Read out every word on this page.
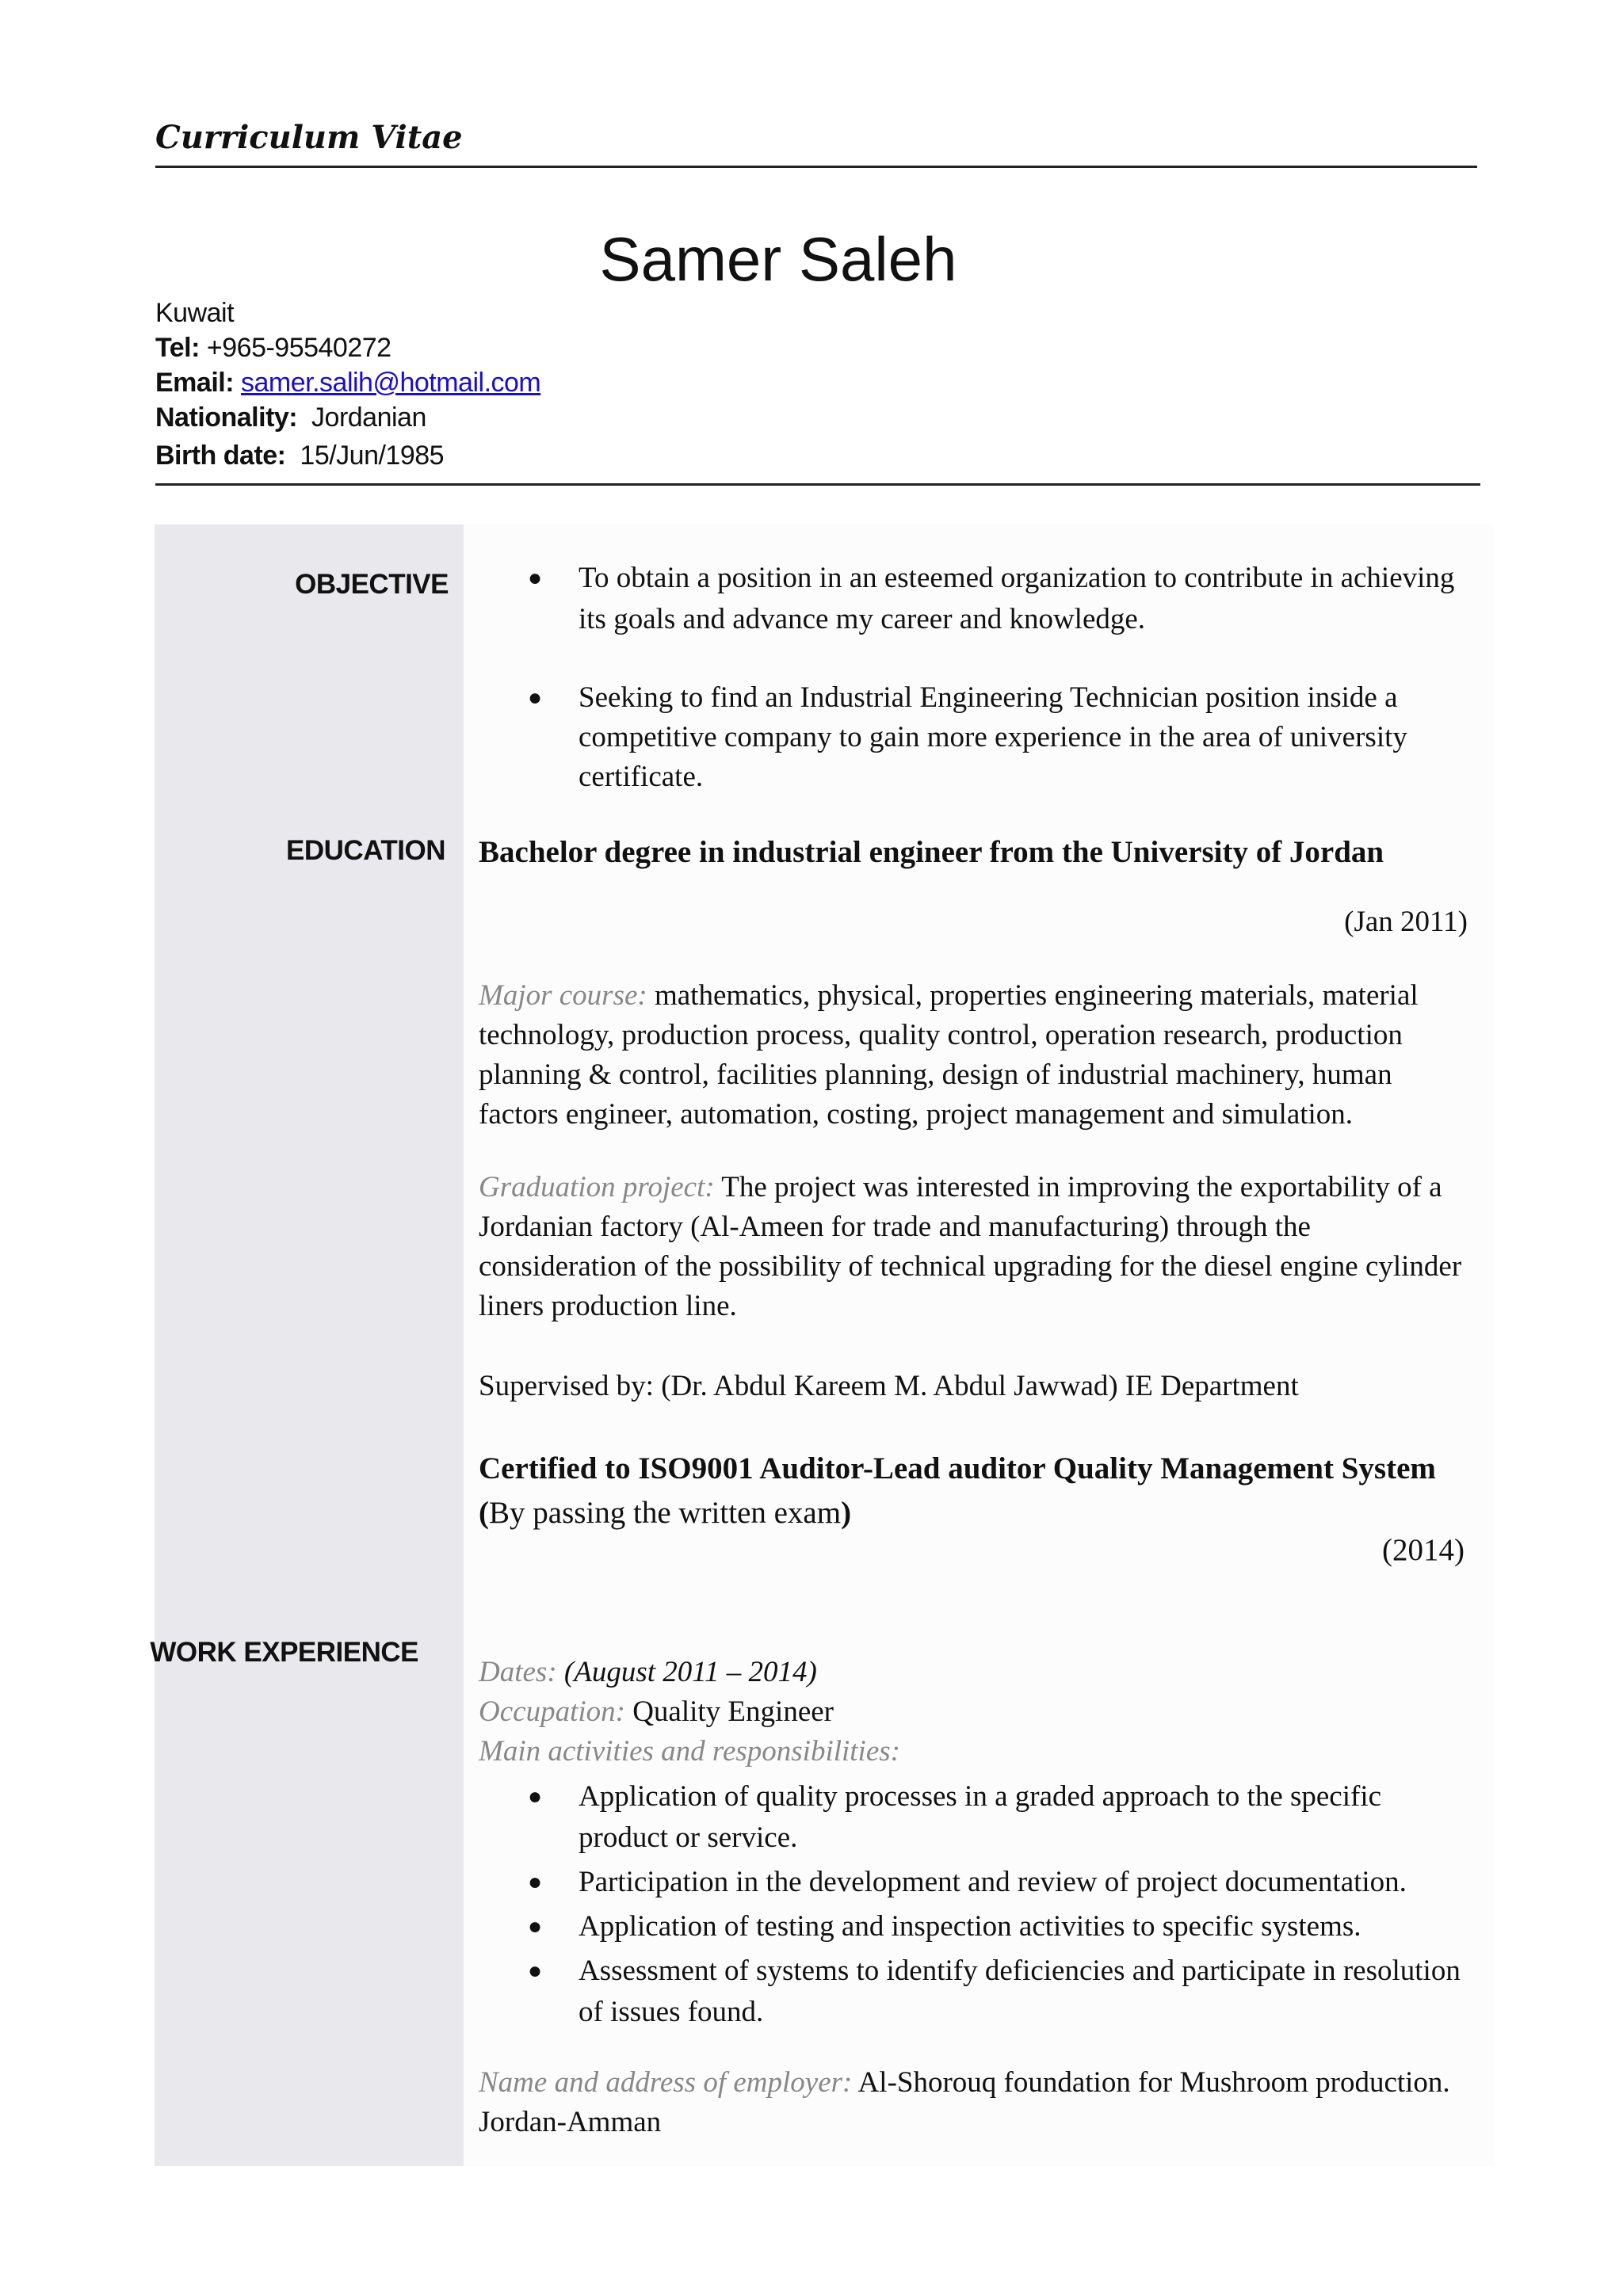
Curriculum Vitae
Samer Saleh
Kuwait
Tel: +965-95540272
Email: samer.salih@hotmail.com
Nationality: Jordanian
Birth date: 15/Jun/1985
OBJECTIVE
EDUCATION
WORK EXPERIENCE
● To obtain a position in an esteemed organization to contribute in achieving its goals and advance my career and knowledge.
● Seeking to find an Industrial Engineering Technician position inside a competitive company to gain more experience in the area of university certificate.
Bachelor degree in industrial engineer from the University of Jordan
(Jan 2011)
Major course: mathematics, physical, properties engineering materials, material technology, production process, quality control, operation research, production planning & control, facilities planning, design of industrial machinery, human factors engineer, automation, costing, project management and simulation.
Graduation project: The project was interested in improving the exportability of a Jordanian factory (Al-Ameen for trade and manufacturing) through the consideration of the possibility of technical upgrading for the diesel engine cylinder liners production line.
Supervised by: (Dr. Abdul Kareem M. Abdul Jawwad) IE Department
Certified to ISO9001 Auditor-Lead auditor Quality Management System (By passing the written exam)
(2014)
Dates: (August 2011 – 2014)
Occupation: Quality Engineer
Main activities and responsibilities:
● Application of quality processes in a graded approach to the specific product or service.
● Participation in the development and review of project documentation.
● Application of testing and inspection activities to specific systems.
● Assessment of systems to identify deficiencies and participate in resolution of issues found.
Name and address of employer: Al-Shorouq foundation for Mushroom production. Jordan-Amman
